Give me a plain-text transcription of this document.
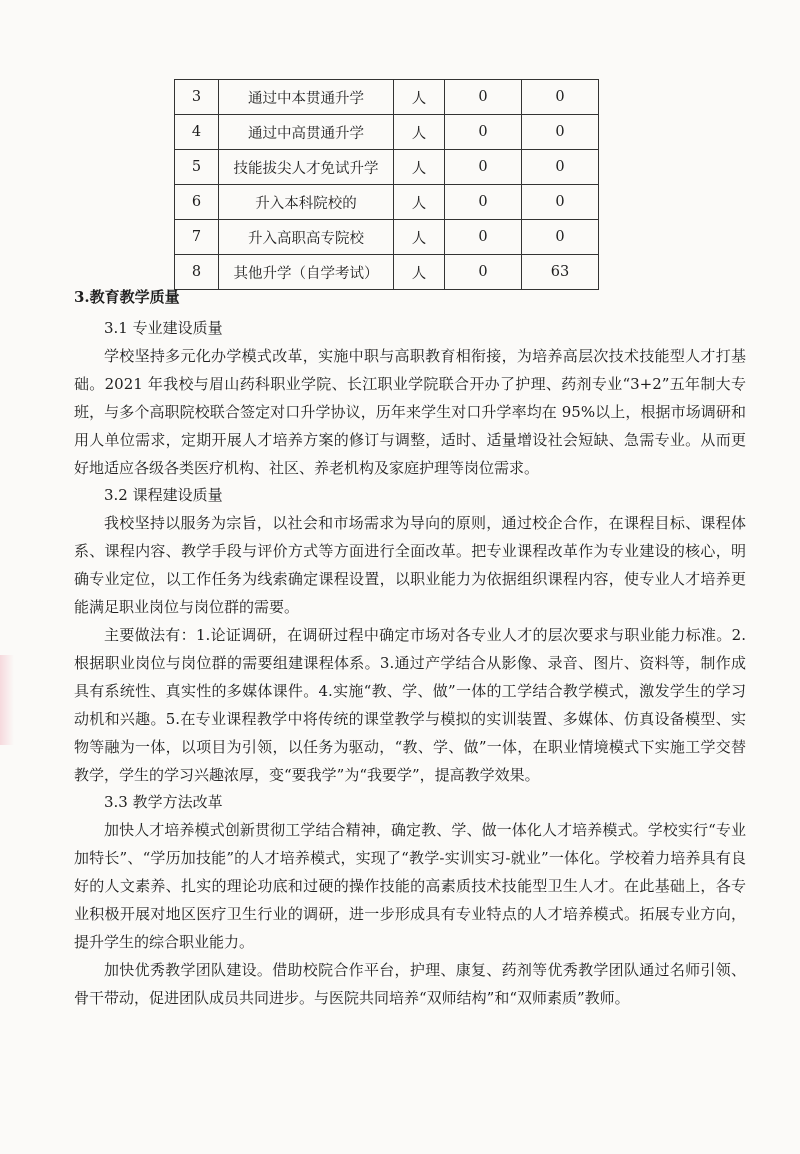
3	通过中本贯通升学	人	0	0
4	通过中高贯通升学	人	0	0
5	技能拔尖人才免试升学	人	0	0
6	升入本科院校的	人	0	0
7	升入高职高专院校	人	0	0
8	其他升学（自学考试）	人	0	63
3.教育教学质量
3.1 专业建设质量

学校坚持多元化办学模式改革，实施中职与高职教育相衔接，为培养高层次技术技能型人才打基础。2021 年我校与眉山药科职业学院、长江职业学院联合开办了护理、药剂专业“3+2”五年制大专班，与多个高职院校联合签定对口升学协议，历年来学生对口升学率均在 95%以上，根据市场调研和用人单位需求，定期开展人才培养方案的修订与调整，适时、适量增设社会短缺、急需专业。从而更好地适应各级各类医疗机构、社区、养老机构及家庭护理等岗位需求。

3.2 课程建设质量

我校坚持以服务为宗旨，以社会和市场需求为导向的原则，通过校企合作，在课程目标、课程体系、课程内容、教学手段与评价方式等方面进行全面改革。把专业课程改革作为专业建设的核心，明确专业定位，以工作任务为线索确定课程设置，以职业能力为依据组织课程内容，使专业人才培养更能满足职业岗位与岗位群的需要。

主要做法有：1.论证调研，在调研过程中确定市场对各专业人才的层次要求与职业能力标准。2.根据职业岗位与岗位群的需要组建课程体系。3.通过产学结合从影像、录音、图片、资料等，制作成具有系统性、真实性的多媒体课件。4.实施“教、学、做”一体的工学结合教学模式，激发学生的学习动机和兴趣。5.在专业课程教学中将传统的课堂教学与模拟的实训装置、多媒体、仿真设备模型、实物等融为一体，以项目为引领，以任务为驱动，“教、学、做”一体，在职业情境模式下实施工学交替教学，学生的学习兴趣浓厚，变“要我学”为“我要学”，提高教学效果。

3.3 教学方法改革

加快人才培养模式创新贯彻工学结合精神，确定教、学、做一体化人才培养模式。学校实行“专业加特长”、“学历加技能”的人才培养模式，实现了“教学-实训实习-就业”一体化。学校着力培养具有良好的人文素养、扎实的理论功底和过硬的操作技能的高素质技术技能型卫生人才。在此基础上，各专业积极开展对地区医疗卫生行业的调研，进一步形成具有专业特点的人才培养模式。拓展专业方向，提升学生的综合职业能力。

加快优秀教学团队建设。借助校院合作平台，护理、康复、药剂等优秀教学团队通过名师引领、骨干带动，促进团队成员共同进步。与医院共同培养“双师结构”和“双师素质”教师。
